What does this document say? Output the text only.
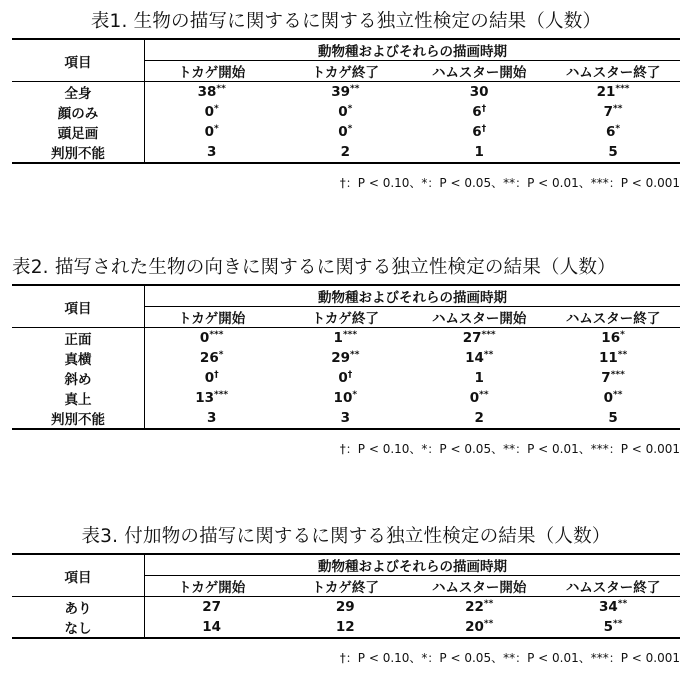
表1. 生物の描写に関するに関する独立性検定の結果（人数）
項目	動物種およびそれらの描画時期			
	トカゲ開始	トカゲ終了	ハムスター開始	ハムスター終了
全身	38**	39**	30	21***
顔のみ	0*	0*	6†	7**
頭足画	0*	0*	6†	6*
判別不能	3	2	1	5
†：P < 0.10、*：P < 0.05、**：P < 0.01、***：P < 0.001
表2. 描写された生物の向きに関するに関する独立性検定の結果（人数）
項目	動物種およびそれらの描画時期			
	トカゲ開始	トカゲ終了	ハムスター開始	ハムスター終了
正面	0***	1***	27***	16*
真横	26*	29**	14**	11**
斜め	0†	0†	1	7***
真上	13***	10*	0**	0**
判別不能	3	3	2	5
†：P < 0.10、*：P < 0.05、**：P < 0.01、***：P < 0.001
表3. 付加物の描写に関するに関する独立性検定の結果（人数）
項目	動物種およびそれらの描画時期			
	トカゲ開始	トカゲ終了	ハムスター開始	ハムスター終了
あり	27	29	22**	34**
なし	14	12	20**	5**
†：P < 0.10、*：P < 0.05、**：P < 0.01、***：P < 0.001
